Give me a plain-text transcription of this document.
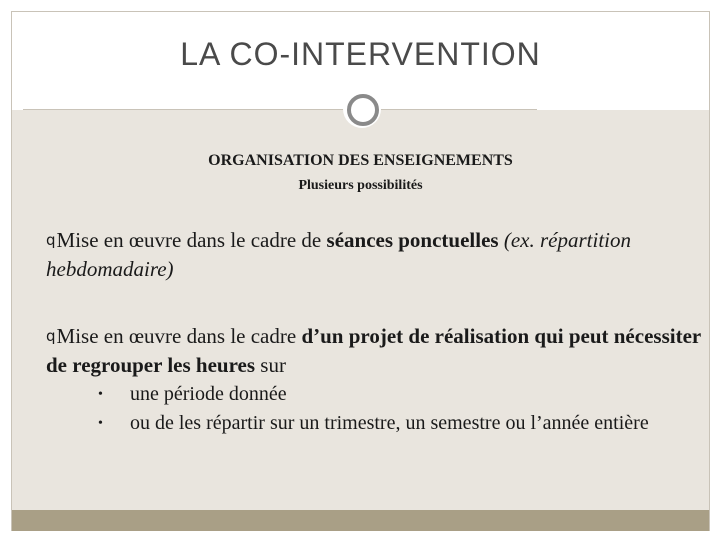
LA CO-INTERVENTION
ORGANISATION DES ENSEIGNEMENTS
Plusieurs possibilités
qMise en œuvre dans le cadre de séances ponctuelles (ex. répartition hebdomadaire)
qMise en œuvre dans le cadre d’un projet de réalisation qui peut nécessiter de regrouper les heures sur
•	une période donnée
•	ou de les répartir sur un trimestre, un semestre ou l’année entière
